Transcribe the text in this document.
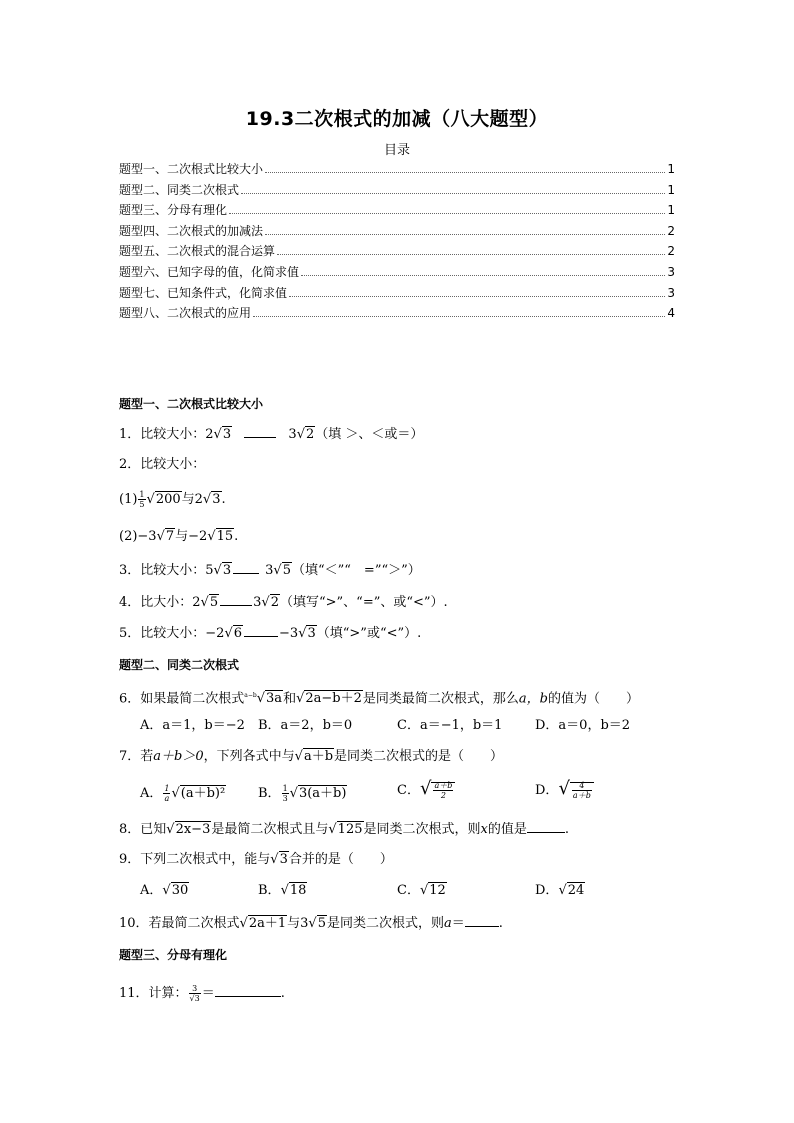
19.3二次根式的加减（八大题型）
目录
题型一、二次根式比较大小	1
题型二、同类二次根式	1
题型三、分母有理化	1
题型四、二次根式的加减法	2
题型五、二次根式的混合运算	2
题型六、已知字母的值，化简求值	3
题型七、已知条件式，化简求值	3
题型八、二次根式的应用	4
题型一、二次根式比较大小
1．比较大小：2√3	3√2（填 ＞、＜或＝）
2．比较大小：
$(1) \frac{1}{5} √200$与2√3.
(2)−3√7与−2√15.
3．比较大小：5√3	3√5（填“＜”“　=”“＞”）
4．比大小：2√5	3√2（填写“>”、“=”、或“<”）.
5．比较大小：−2√6	−3√3（填“>”或“<”）.
题型二、同类二次根式
6．如果最简二次根式$^{a-b}$√3a和√2a−b＋2是同类最简二次根式，那么a，b的值为（　　）
A．a＝1，b＝−2 B．a＝2，b＝0	C．a＝−1，b＝1	D．a＝0，b＝2
7．若a＋b＞0，下列各式中与√a＋b是同类二次根式的是（　　）
A． $\frac{1}{a} √(a+b)^2$	B． $\frac{1}{3} √3(a+b)$	C．√ $\frac{a+b}{2}$	D．√ $\frac{4}{a+b}$
8．已知√2x−3是最简二次根式且与√125是同类二次根式，则x的值是	.
9．下列二次根式中，能与√3合并的是（　　）
A．√30	B．√18	C．√12	D．√24
10．若最简二次根式√2a＋1与3√5是同类二次根式，则a＝	.
题型三、分母有理化
11．计算： $\frac{3}{√3}$ ＝	.
